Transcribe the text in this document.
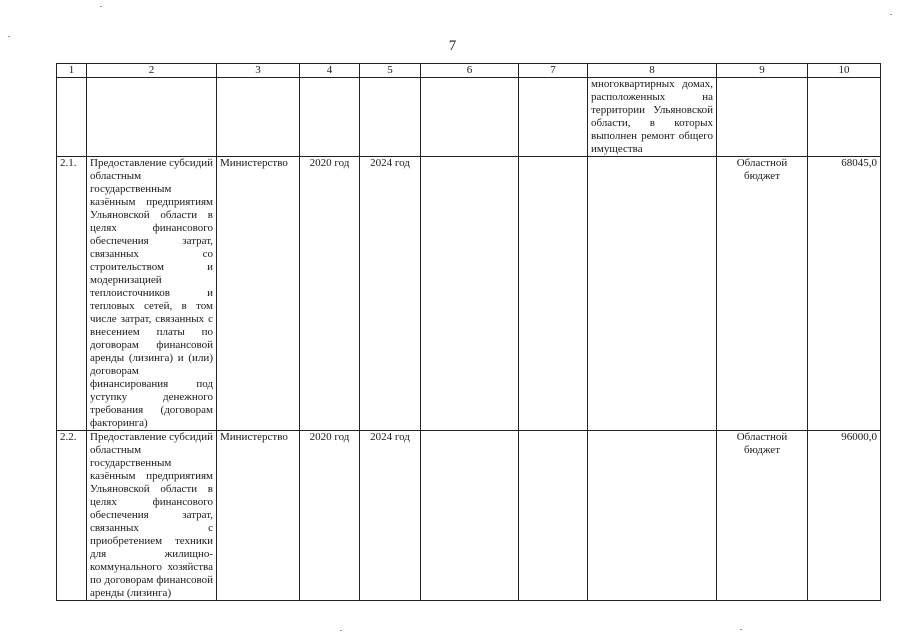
7
1	2	3	4	5	6	7	8	9	10
							многоквартирных домах, расположенных на территории Ульяновской области, в которых выполнен ремонт общего имущества		
2.1.	Предоставление субсидий областным государственным казённым предприятиям Ульяновской области в целях финансового обеспечения затрат, связанных со строительством и модернизацией теплоисточников и тепловых сетей, в том числе затрат, связанных с внесением платы по договорам финансовой аренды (лизинга) и (или) договорам финансирования под уступку денежного требования (договорам факторинга)	Министерство	2020 год	2024 год				Областной бюджет	68045,0
2.2.	Предоставление субсидий областным государственным казённым предприятиям Ульяновской области в целях финансового обеспечения затрат, связанных с приобретением техники для жилищно-коммунального хозяйства по договорам финансовой аренды (лизинга)	Министерство	2020 год	2024 год				Областной бюджет	96000,0
